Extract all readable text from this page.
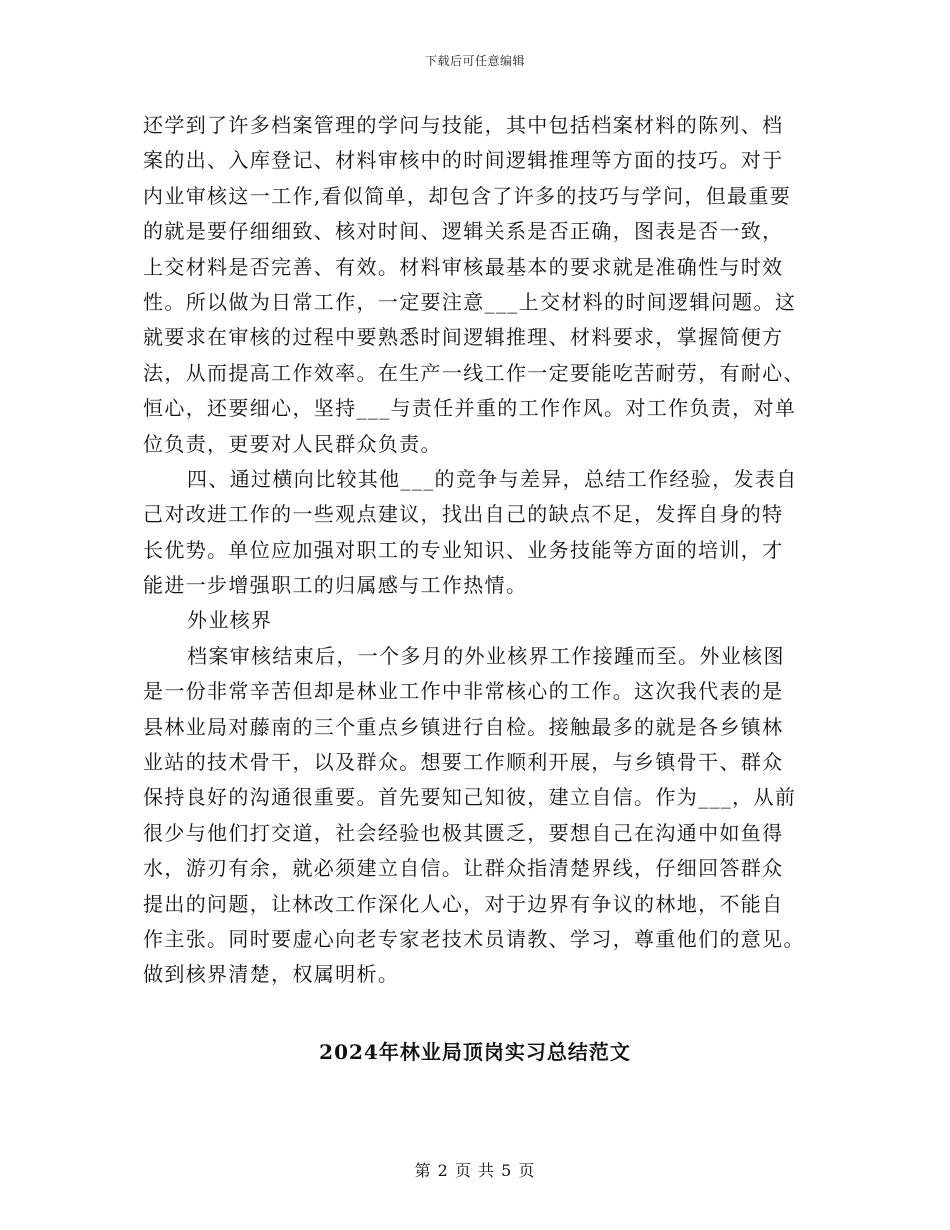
下载后可任意编辑
还学到了许多档案管理的学问与技能，其中包括档案材料的陈列、档
案的出、入库登记、材料审核中的时间逻辑推理等方面的技巧。对于
内业审核这一工作,看似简单，却包含了许多的技巧与学问，但最重要
的就是要仔细细致、核对时间、逻辑关系是否正确，图表是否一致，
上交材料是否完善、有效。材料审核最基本的要求就是准确性与时效
性。所以做为日常工作，一定要注意___上交材料的时间逻辑问题。这
就要求在审核的过程中要熟悉时间逻辑推理、材料要求，掌握简便方
法，从而提高工作效率。在生产一线工作一定要能吃苦耐劳，有耐心、
恒心，还要细心，坚持___与责任并重的工作作风。对工作负责，对单
位负责，更要对人民群众负责。
四、通过横向比较其他___的竞争与差异，总结工作经验，发表自
己对改进工作的一些观点建议，找出自己的缺点不足，发挥自身的特
长优势。单位应加强对职工的专业知识、业务技能等方面的培训，才
能进一步增强职工的归属感与工作热情。
外业核界
档案审核结束后，一个多月的外业核界工作接踵而至。外业核图
是一份非常辛苦但却是林业工作中非常核心的工作。这次我代表的是
县林业局对藤南的三个重点乡镇进行自检。接触最多的就是各乡镇林
业站的技术骨干，以及群众。想要工作顺利开展，与乡镇骨干、群众
保持良好的沟通很重要。首先要知己知彼，建立自信。作为___，从前
很少与他们打交道，社会经验也极其匮乏，要想自己在沟通中如鱼得
水，游刃有余，就必须建立自信。让群众指清楚界线，仔细回答群众
提出的问题，让林改工作深化人心，对于边界有争议的林地，不能自
作主张。同时要虚心向老专家老技术员请教、学习，尊重他们的意见。
做到核界清楚，权属明析。
2024年林业局顶岗实习总结范文
第 2 页 共 5 页
